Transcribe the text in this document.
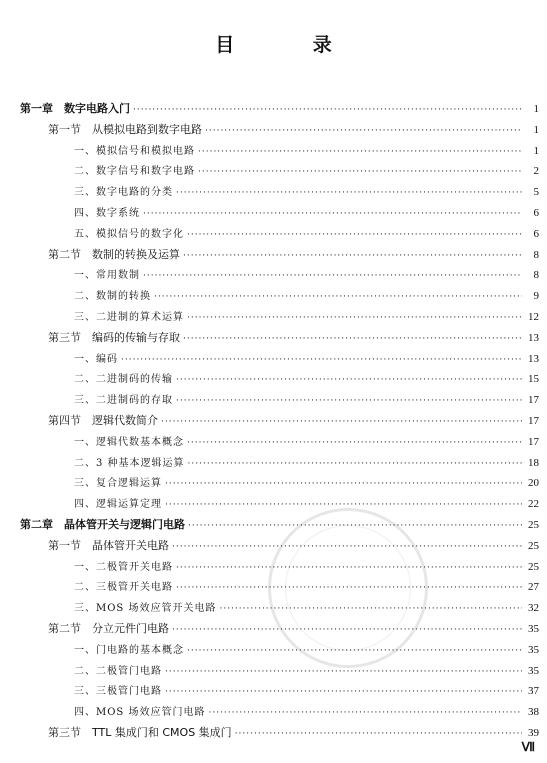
目 录
第一章　数字电路入门 ·····	1
第一节　从模拟电路到数字电路 ·····	1
一、模拟信号和模拟电路 ·····	1
二、数字信号和数字电路 ·····	2
三、数字电路的分类 ·····	5
四、数字系统 ·····	6
五、模拟信号的数字化 ·····	6
第二节　数制的转换及运算 ·····	8
一、常用数制 ·····	8
二、数制的转换 ·····	9
三、二进制的算术运算 ·····	12
第三节　编码的传输与存取 ·····	13
一、编码 ·····	13
二、二进制码的传输 ·····	15
三、二进制码的存取 ·····	17
第四节　逻辑代数简介 ·····	17
一、逻辑代数基本概念 ·····	17
二、3 种基本逻辑运算 ·····	18
三、复合逻辑运算 ·····	20
四、逻辑运算定理 ·····	22
第二章　晶体管开关与逻辑门电路 ·····	25
第一节　晶体管开关电路 ·····	25
一、二极管开关电路 ·····	25
二、三极管开关电路 ·····	27
三、MOS 场效应管开关电路 ·····	32
第二节　分立元件门电路 ·····	35
一、门电路的基本概念 ·····	35
二、二极管门电路 ·····	35
三、三极管门电路 ·····	37
四、MOS 场效应管门电路 ·····	38
第三节　TTL 集成门和 CMOS 集成门 ·····	39
Ⅶ
